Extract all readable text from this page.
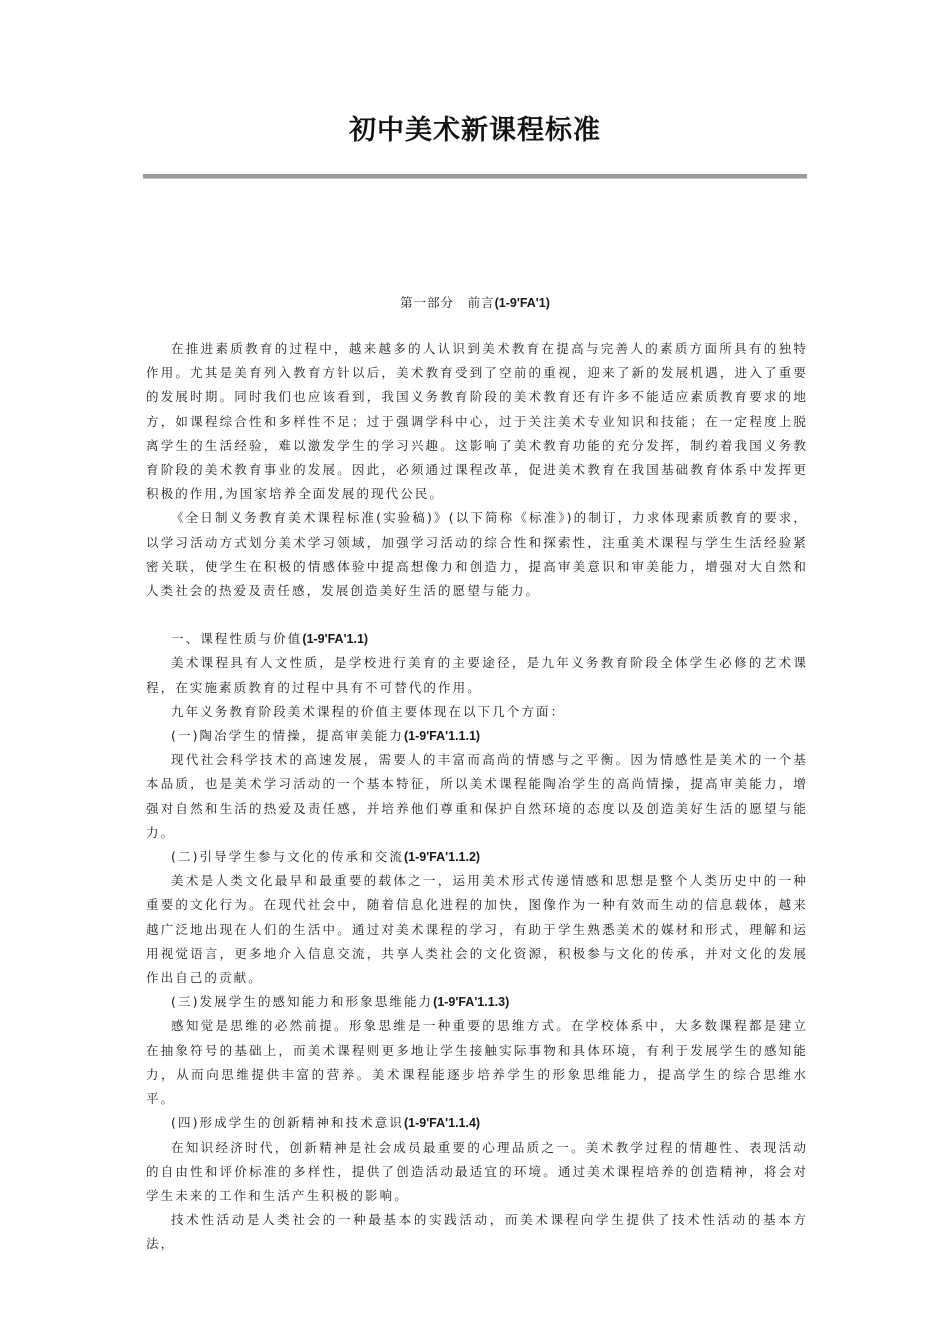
初中美术新课程标准
第一部分　前言(1-9'FA'1)

在推进素质教育的过程中，越来越多的人认识到美术教育在提高与完善人的素质方面所具有的独特作用。尤其是美育列入教育方针以后，美术教育受到了空前的重视，迎来了新的发展机遇，进入了重要的发展时期。同时我们也应该看到，我国义务教育阶段的美术教育还有许多不能适应素质教育要求的地方，如课程综合性和多样性不足；过于强调学科中心，过于关注美术专业知识和技能；在一定程度上脱离学生的生活经验，难以激发学生的学习兴趣。这影响了美术教育功能的充分发挥，制约着我国义务教育阶段的美术教育事业的发展。因此，必须通过课程改革，促进美术教育在我国基础教育体系中发挥更积极的作用,为国家培养全面发展的现代公民。

《全日制义务教育美术课程标准(实验稿)》(以下简称《标准》)的制订，力求体现素质教育的要求，以学习活动方式划分美术学习领域，加强学习活动的综合性和探索性，注重美术课程与学生生活经验紧密关联，使学生在积极的情感体验中提高想像力和创造力，提高审美意识和审美能力，增强对大自然和人类社会的热爱及责任感，发展创造美好生活的愿望与能力。

一、课程性质与价值(1-9'FA'1.1)

美术课程具有人文性质，是学校进行美育的主要途径，是九年义务教育阶段全体学生必修的艺术课程，在实施素质教育的过程中具有不可替代的作用。

九年义务教育阶段美术课程的价值主要体现在以下几个方面：

(一)陶冶学生的情操，提高审美能力(1-9'FA'1.1.1)

现代社会科学技术的高速发展，需要人的丰富而高尚的情感与之平衡。因为情感性是美术的一个基本品质，也是美术学习活动的一个基本特征，所以美术课程能陶冶学生的高尚情操，提高审美能力，增强对自然和生活的热爱及责任感，并培养他们尊重和保护自然环境的态度以及创造美好生活的愿望与能力。

(二)引导学生参与文化的传承和交流(1-9'FA'1.1.2)

美术是人类文化最早和最重要的载体之一，运用美术形式传递情感和思想是整个人类历史中的一种重要的文化行为。在现代社会中，随着信息化进程的加快，图像作为一种有效而生动的信息载体，越来越广泛地出现在人们的生活中。通过对美术课程的学习，有助于学生熟悉美术的媒材和形式，理解和运用视觉语言，更多地介入信息交流，共享人类社会的文化资源，积极参与文化的传承，并对文化的发展作出自己的贡献。

(三)发展学生的感知能力和形象思维能力(1-9'FA'1.1.3)

感知觉是思维的必然前提。形象思维是一种重要的思维方式。在学校体系中，大多数课程都是建立在抽象符号的基础上，而美术课程则更多地让学生接触实际事物和具体环境，有利于发展学生的感知能力，从而向思维提供丰富的营养。美术课程能逐步培养学生的形象思维能力，提高学生的综合思维水平。

(四)形成学生的创新精神和技术意识(1-9'FA'1.1.4)

在知识经济时代，创新精神是社会成员最重要的心理品质之一。美术教学过程的情趣性、表现活动的自由性和评价标准的多样性，提供了创造活动最适宜的环境。通过美术课程培养的创造精神，将会对学生未来的工作和生活产生积极的影响。

技术性活动是人类社会的一种最基本的实践活动，而美术课程向学生提供了技术性活动的基本方法，
